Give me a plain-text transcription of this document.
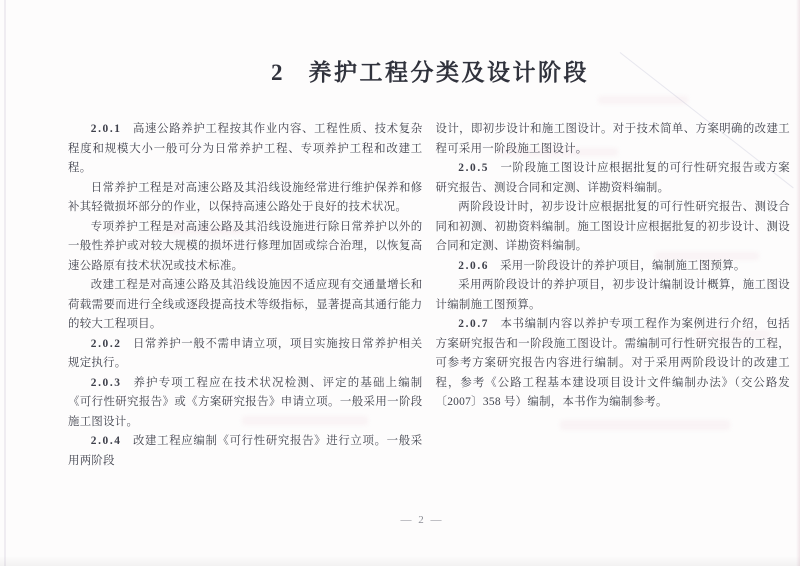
2 养护工程分类及设计阶段

2.0.1 高速公路养护工程按其作业内容、工程性质、技术复杂程度和规模大小一般可分为日常养护工程、专项养护工程和改建工程。

日常养护工程是对高速公路及其沿线设施经常进行维护保养和修补其轻微损坏部分的作业，以保持高速公路处于良好的技术状况。

专项养护工程是对高速公路及其沿线设施进行除日常养护以外的一般性养护或对较大规模的损坏进行修理加固或综合治理，以恢复高速公路原有技术状况或技术标准。

改建工程是对高速公路及其沿线设施因不适应现有交通量增长和荷载需要而进行全线或逐段提高技术等级指标，显著提高其通行能力的较大工程项目。

2.0.2 日常养护一般不需申请立项，项目实施按日常养护相关规定执行。

2.0.3 养护专项工程应在技术状况检测、评定的基础上编制《可行性研究报告》或《方案研究报告》申请立项。一般采用一阶段施工图设计。

2.0.4 改建工程应编制《可行性研究报告》进行立项。一般采用两阶段

设计，即初步设计和施工图设计。对于技术简单、方案明确的改建工程可采用一阶段施工图设计。

2.0.5 一阶段施工图设计应根据批复的可行性研究报告或方案研究报告、测设合同和定测、详勘资料编制。

两阶段设计时，初步设计应根据批复的可行性研究报告、测设合同和初测、初勘资料编制。施工图设计应根据批复的初步设计、测设合同和定测、详勘资料编制。

2.0.6 采用一阶段设计的养护项目，编制施工图预算。

采用两阶段设计的养护项目，初步设计编制设计概算，施工图设计编制施工图预算。

2.0.7 本书编制内容以养护专项工程作为案例进行介绍，包括方案研究报告和一阶段施工图设计。需编制可行性研究报告的工程，可参考方案研究报告内容进行编制。对于采用两阶段设计的改建工程，参考《公路工程基本建设项目设计文件编制办法》（交公路发〔2007〕358 号）编制，本书作为编制参考。

— 2 —
